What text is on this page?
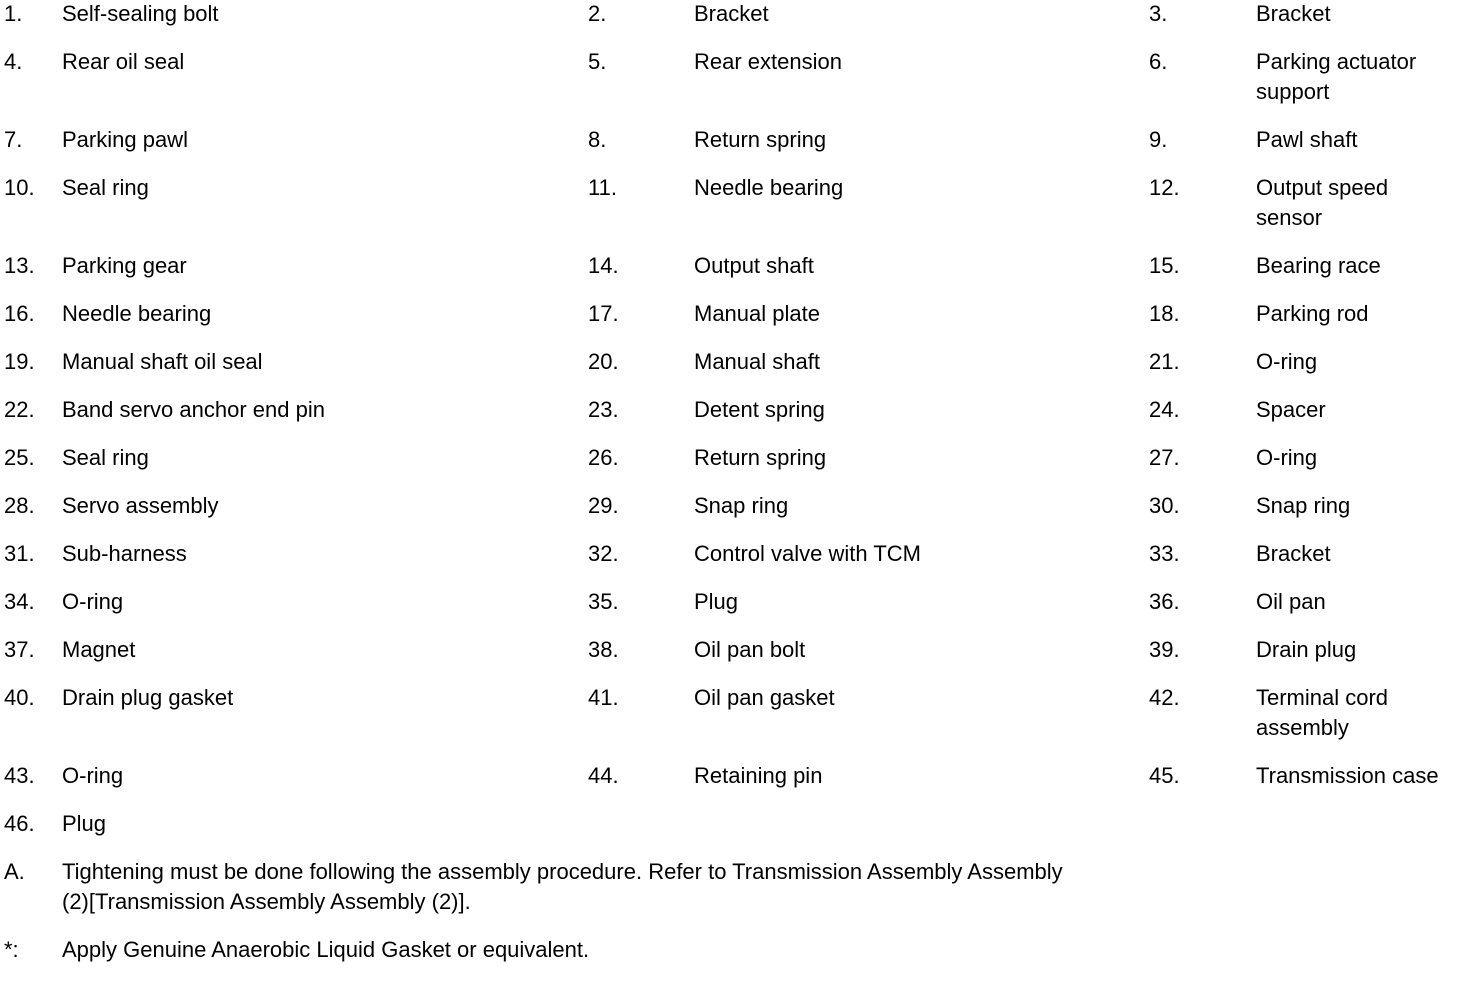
1. Self-sealing bolt	2.	Bracket	3.	Bracket
4. Rear oil seal	5.	Rear extension	6.	Parking actuator
support
7. Parking pawl	8.	Return spring	9.	Pawl shaft
10. Seal ring	11.	Needle bearing	12.	Output speed
sensor
13. Parking gear	14.	Output shaft	15.	Bearing race
16. Needle bearing	17.	Manual plate	18.	Parking rod
19. Manual shaft oil seal	20.	Manual shaft	21.	O-ring
22. Band servo anchor end pin	23.	Detent spring	24.	Spacer
25. Seal ring	26.	Return spring	27.	O-ring
28. Servo assembly	29.	Snap ring	30.	Snap ring
31. Sub-harness	32.	Control valve with TCM	33.	Bracket
34. O-ring	35.	Plug	36.	Oil pan
37. Magnet	38.	Oil pan bolt	39.	Drain plug
40. Drain plug gasket	41.	Oil pan gasket	42.	Terminal cord
assembly
43. O-ring	44.	Retaining pin	45.	Transmission case
46. Plug
A. Tightening must be done following the assembly procedure. Refer to Transmission Assembly Assembly
(2)[Transmission Assembly Assembly (2)].
*: Apply Genuine Anaerobic Liquid Gasket or equivalent.
